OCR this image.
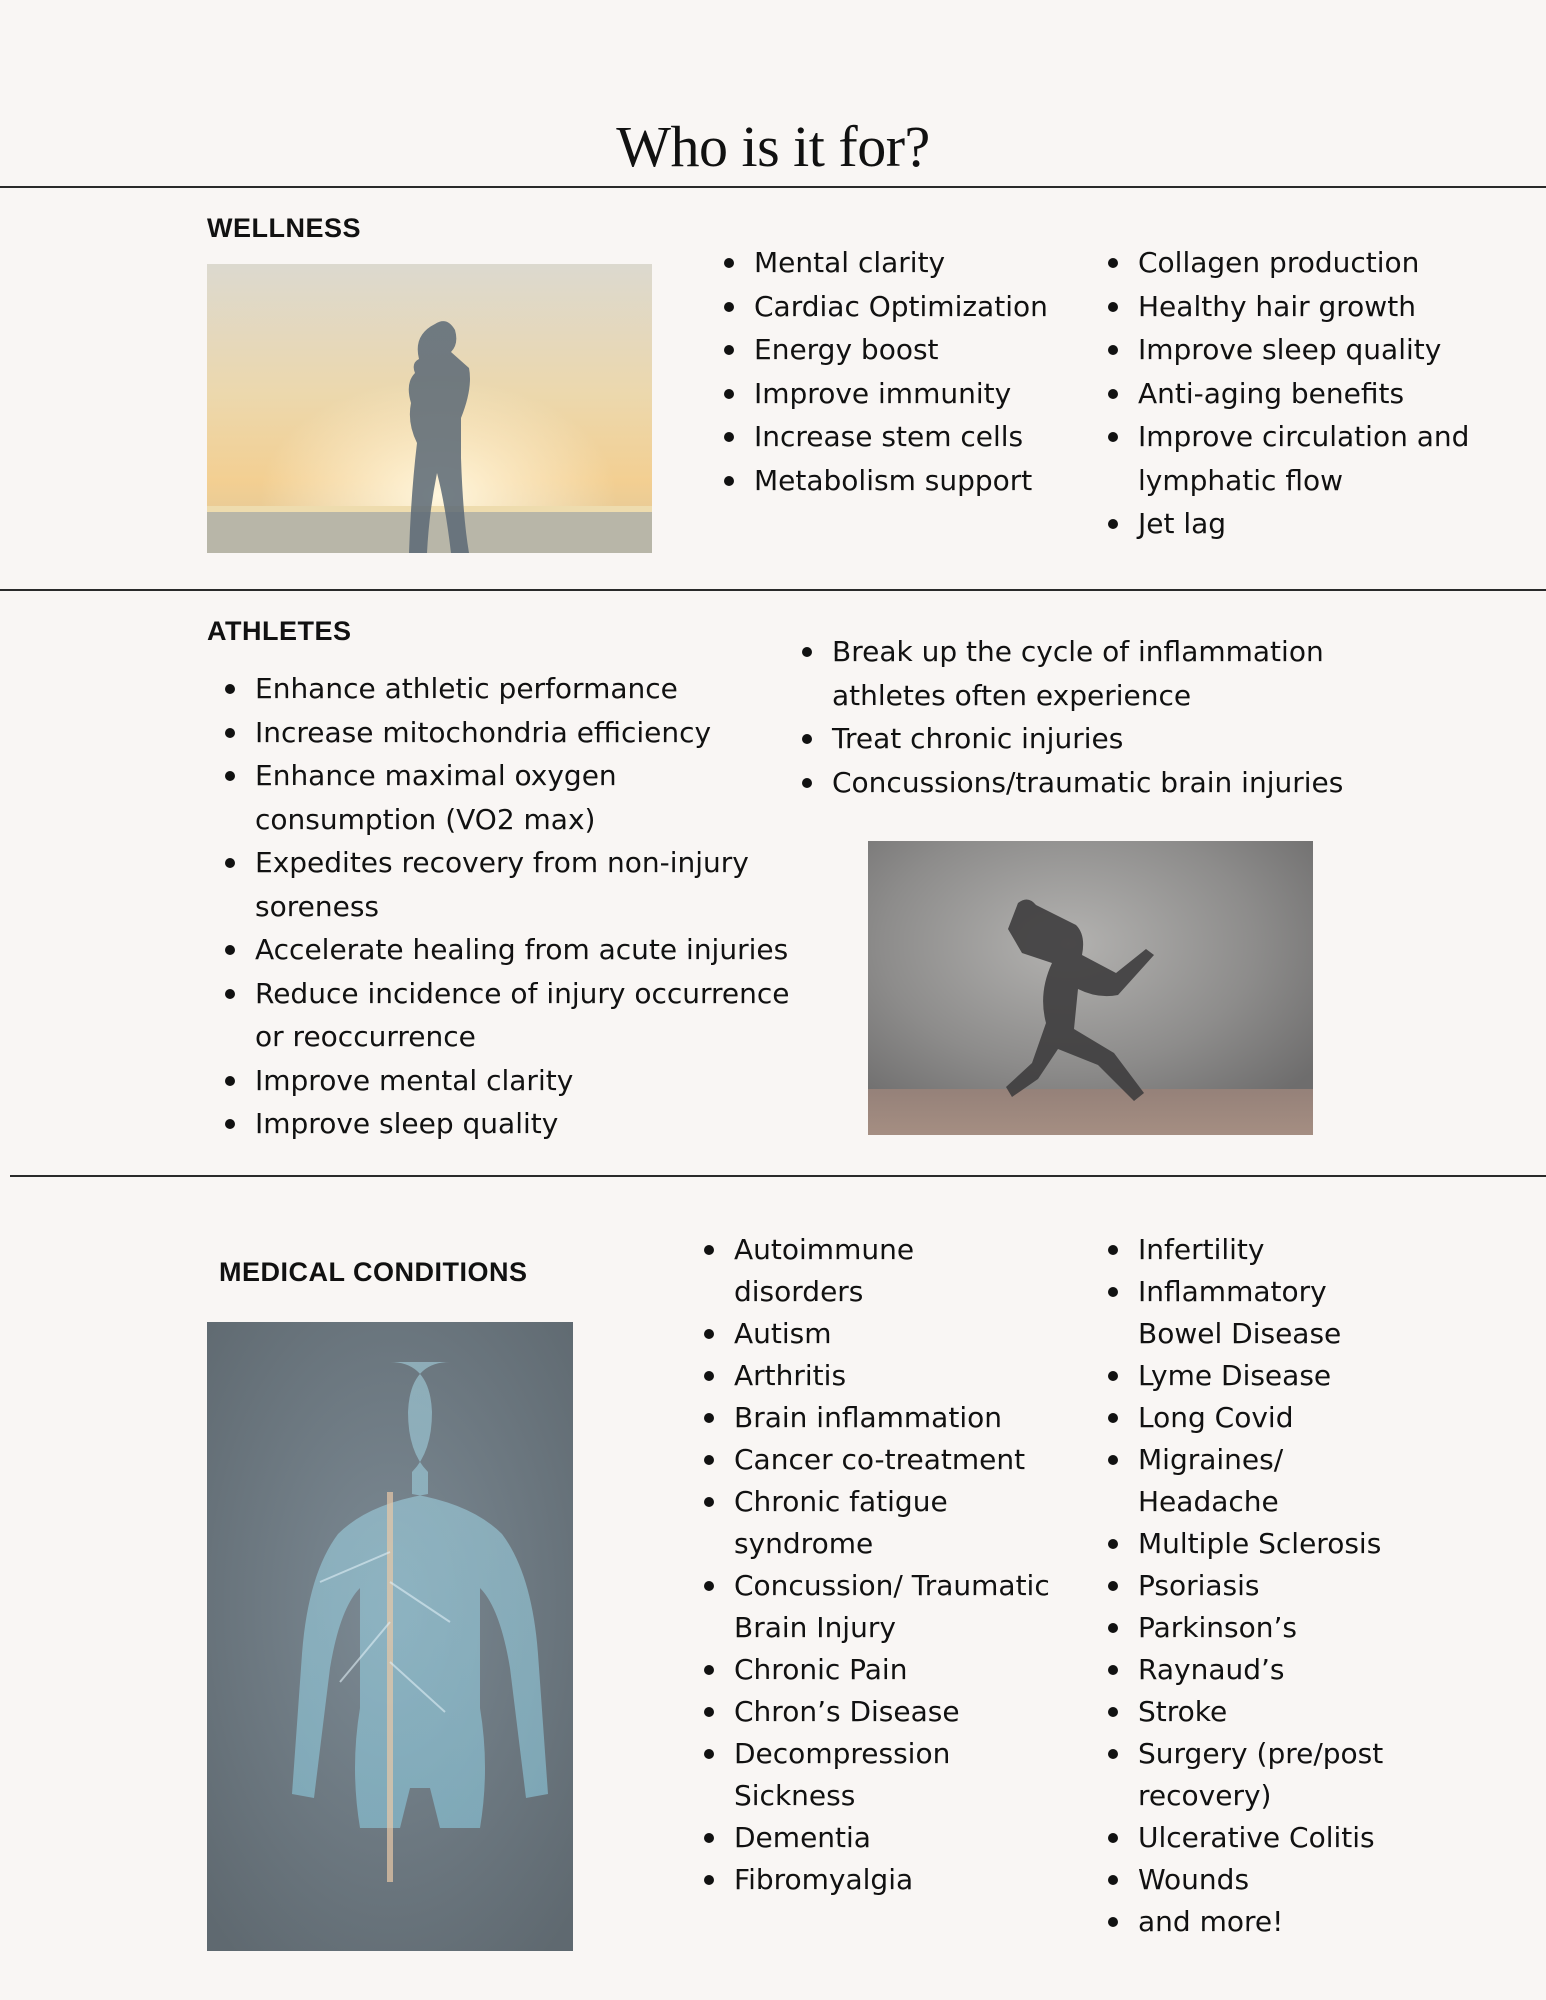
Who is it for?
WELLNESS
Mental clarity
Cardiac Optimization
Energy boost
Improve immunity
Increase stem cells
Metabolism support
Collagen production
Healthy hair growth
Improve sleep quality
Anti-aging benefits
Improve circulation and lymphatic flow
Jet lag
ATHLETES
Enhance athletic performance
Increase mitochondria efficiency
Enhance maximal oxygen consumption (VO2 max)
Expedites recovery from non-injury soreness
Accelerate healing from acute injuries
Reduce incidence of injury occurrence or reoccurrence
Improve mental clarity
Improve sleep quality
Break up the cycle of inflammation athletes often experience
Treat chronic injuries
Concussions/traumatic brain injuries
MEDICAL CONDITIONS
Autoimmune disorders
Autism
Arthritis
Brain inflammation
Cancer co-treatment
Chronic fatigue syndrome
Concussion/ Traumatic Brain Injury
Chronic Pain
Chron’s Disease
Decompression Sickness
Dementia
Fibromyalgia
Infertility
Inflammatory Bowel Disease
Lyme Disease
Long Covid
Migraines/ Headache
Multiple Sclerosis
Psoriasis
Parkinson’s
Raynaud’s
Stroke
Surgery (pre/post recovery)
Ulcerative Colitis
Wounds
and more!
